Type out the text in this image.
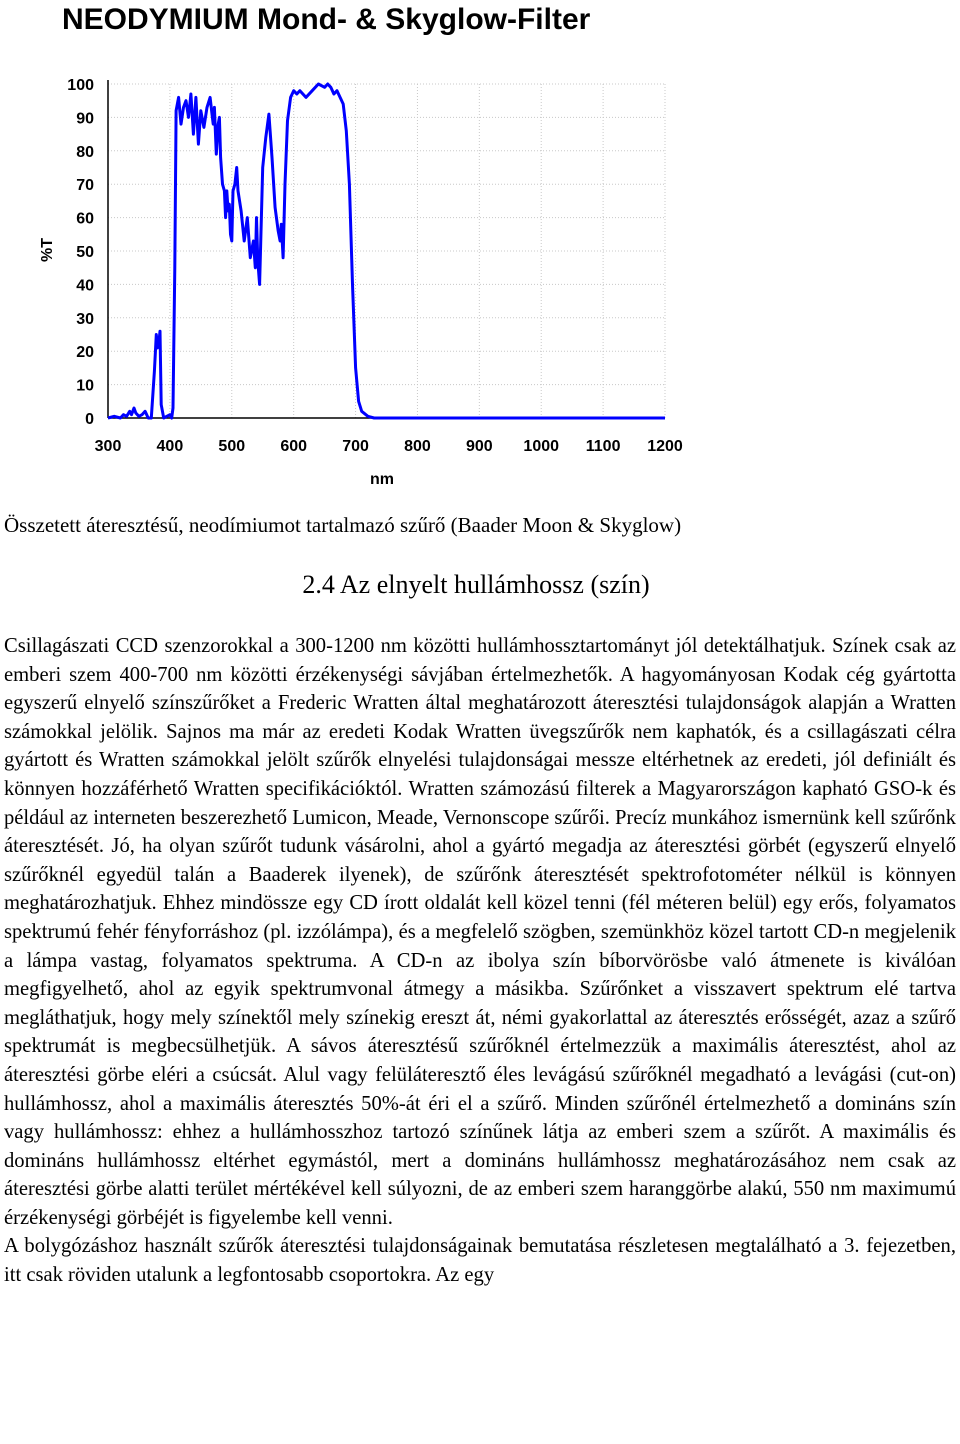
NEODYMIUM Mond- & Skyglow-Filter
0
10
20
30
40
50
60
70
80
90
100
300 400 500 600 700 800 900 1000 1100 1200
%T
nm

Összetett áteresztésű, neodímiumot tartalmazó szűrő (Baader Moon & Skyglow)

2.4 Az elnyelt hullámhossz (szín)

Csillagászati CCD szenzorokkal a 300-1200 nm közötti hullámhossztartományt jól detektálhatjuk. Színek csak az emberi szem 400-700 nm közötti érzékenységi sávjában értelmezhetők. A hagyományosan Kodak cég gyártotta egyszerű elnyelő színszűrőket a Frederic Wratten által meghatározott áteresztési tulajdonságok alapján a Wratten számokkal jelölik. Sajnos ma már az eredeti Kodak Wratten üvegszűrők nem kaphatók, és a csillagászati célra gyártott és Wratten számokkal jelölt szűrők elnyelési tulajdonságai messze eltérhetnek az eredeti, jól definiált és könnyen hozzáférhető Wratten specifikációktól. Wratten számozású filterek a Magyarországon kapható GSO-k és például az interneten beszerezhető Lumicon, Meade, Vernonscope szűrői. Precíz munkához ismernünk kell szűrőnk áteresztését. Jó, ha olyan szűrőt tudunk vásárolni, ahol a gyártó megadja az áteresztési görbét (egyszerű elnyelő szűrőknél egyedül talán a Baaderek ilyenek), de szűrőnk áteresztését spektrofotométer nélkül is könnyen meghatározhatjuk. Ehhez mindössze egy CD írott oldalát kell közel tenni (fél méteren belül) egy erős, folyamatos spektrumú fehér fényforráshoz (pl. izzólámpa), és a megfelelő szögben, szemünkhöz közel tartott CD-n megjelenik a lámpa vastag, folyamatos spektruma. A CD-n az ibolya szín bíborvörösbe való átmenete is kiválóan megfigyelhető, ahol az egyik spektrumvonal átmegy a másikba. Szűrőnket a visszavert spektrum elé tartva megláthatjuk, hogy mely színektől mely színekig ereszt át, némi gyakorlattal az áteresztés erősségét, azaz a szűrő spektrumát is megbecsülhetjük. A sávos áteresztésű szűrőknél értelmezzük a maximális áteresztést, ahol az áteresztési görbe eléri a csúcsát. Alul vagy felüláteresztő éles levágású szűrőknél megadható a levágási (cut-on) hullámhossz, ahol a maximális áteresztés 50%-át éri el a szűrő. Minden szűrőnél értelmezhető a domináns szín vagy hullámhossz: ehhez a hullámhosszhoz tartozó színűnek látja az emberi szem a szűrőt. A maximális és domináns hullámhossz eltérhet egymástól, mert a domináns hullámhossz meghatározásához nem csak az áteresztési görbe alatti terület mértékével kell súlyozni, de az emberi szem haranggörbe alakú, 550 nm maximumú érzékenységi görbéjét is figyelembe kell venni.

A bolygózáshoz használt szűrők áteresztési tulajdonságainak bemutatása részletesen megtalálható a 3. fejezetben, itt csak röviden utalunk a legfontosabb csoportokra. Az egy
